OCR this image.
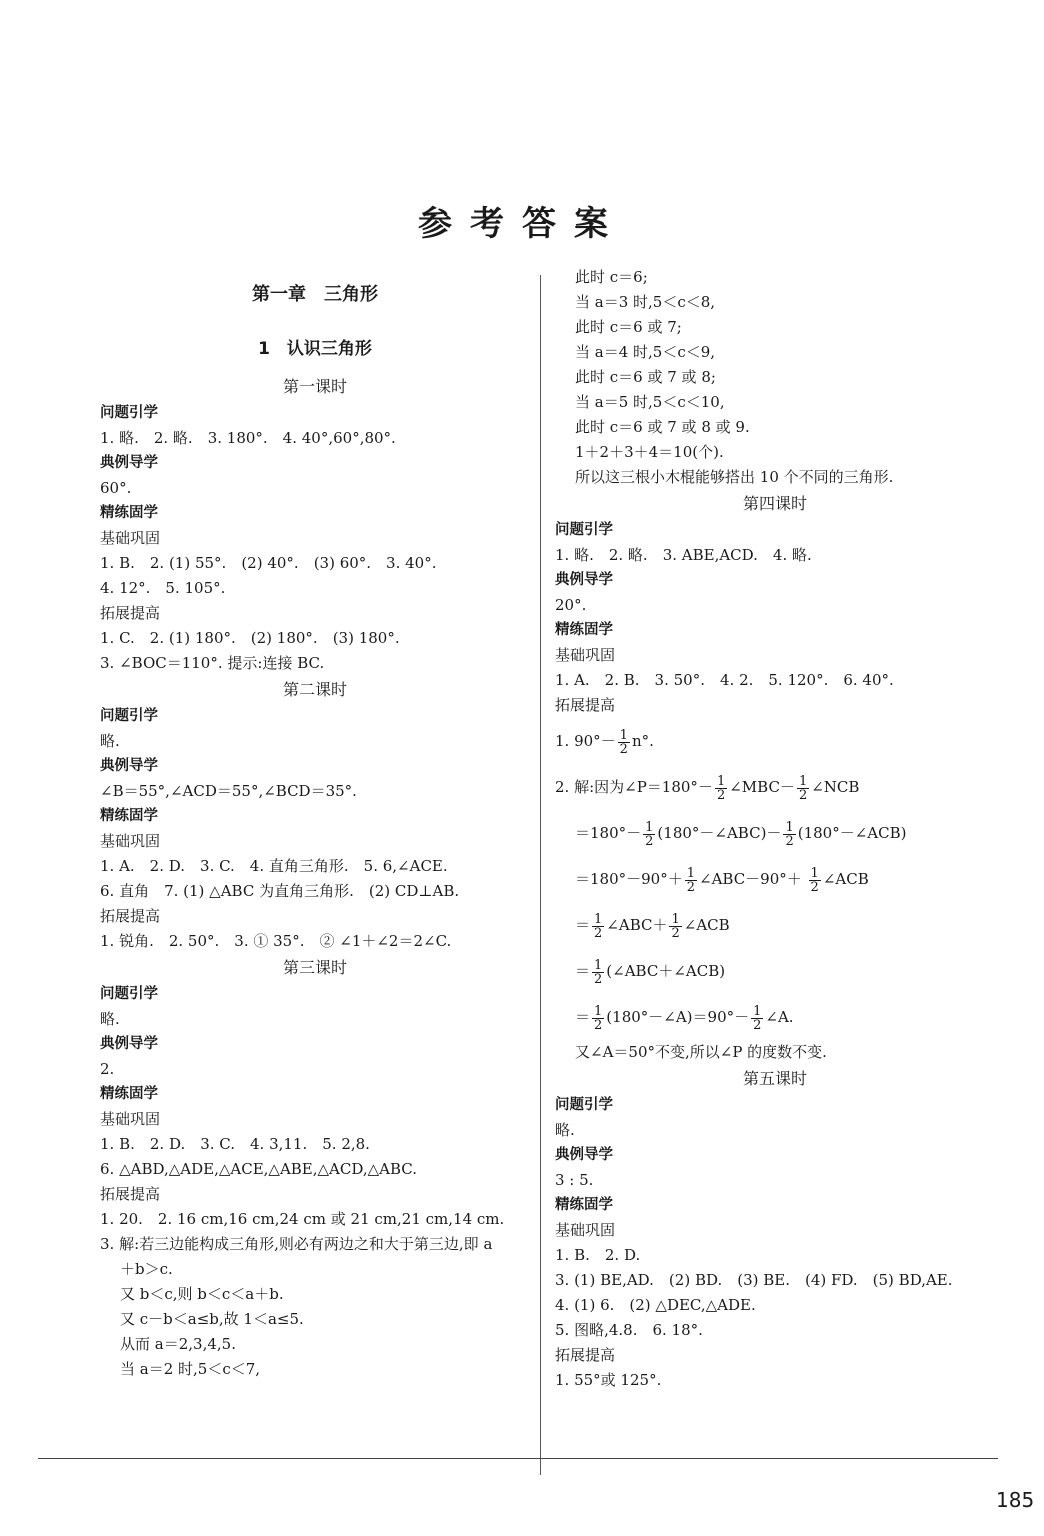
参考答案
第一章　三角形
1　认识三角形
第一课时
问题引学
1. 略.　2. 略.　3. 180°.　4. 40°,60°,80°.
典例导学
60°.
精练固学
基础巩固
1. B.　2. (1) 55°.　(2) 40°.　(3) 60°.　3. 40°.
4. 12°.　5. 105°.
拓展提高
1. C.　2. (1) 180°.　(2) 180°.　(3) 180°.
3. ∠BOC＝110°. 提示:连接 BC.
第二课时
问题引学
略.
典例导学
∠B＝55°,∠ACD＝55°,∠BCD＝35°.
精练固学
基础巩固
1. A.　2. D.　3. C.　4. 直角三角形.　5. 6,∠ACE.
6. 直角　7. (1) △ABC 为直角三角形.　(2) CD⊥AB.
拓展提高
1. 锐角.　2. 50°.　3. ① 35°.　② ∠1＋∠2＝2∠C.
第三课时
问题引学
略.
典例导学
2.
精练固学
基础巩固
1. B.　2. D.　3. C.　4. 3,11.　5. 2,8.
6. △ABD,△ADE,△ACE,△ABE,△ACD,△ABC.
拓展提高
1. 20.　2. 16 cm,16 cm,24 cm 或 21 cm,21 cm,14 cm.
3. 解:若三边能构成三角形,则必有两边之和大于第三边,即 a
＋b＞c.
又 b＜c,则 b＜c＜a＋b.
又 c－b＜a≤b,故 1＜a≤5.
从而 a＝2,3,4,5.
当 a＝2 时,5＜c＜7,
此时 c＝6;
当 a＝3 时,5＜c＜8,
此时 c＝6 或 7;
当 a＝4 时,5＜c＜9,
此时 c＝6 或 7 或 8;
当 a＝5 时,5＜c＜10,
此时 c＝6 或 7 或 8 或 9.
1＋2＋3＋4＝10(个).
所以这三根小木棍能够搭出 10 个不同的三角形.
第四课时
问题引学
1. 略.　2. 略.　3. ABE,ACD.　4. 略.
典例导学
20°.
精练固学
基础巩固
1. A.　2. B.　3. 50°.　4. 2.　5. 120°.　6. 40°.
拓展提高
1. $90^\circ- \frac{1}{2} n^\circ$.
2. 解:因为∠P＝180°－ $\frac{1}{2}$ ∠MBC－ $\frac{1}{2}$ ∠NCB
$=180^\circ- \frac{1}{2}$ (180°－∠ABC)－ $\frac{1}{2}$ (180°－∠ACB)
$=180^\circ-90^\circ+ \frac{1}{2}$ ∠ABC－90°＋ $\frac{1}{2}$ ∠ACB
＝ $\frac{1}{2}$ ∠ABC＋ $\frac{1}{2}$ ∠ACB
＝ $\frac{1}{2}$ (∠ABC＋∠ACB)
＝ $\frac{1}{2}$ (180°－∠A)＝90°－ $\frac{1}{2}$ ∠A.
又∠A＝50°不变,所以∠P 的度数不变.
第五课时
问题引学
略.
典例导学
3 : 5.
精练固学
基础巩固
1. B.　2. D.
3. (1) BE,AD.　(2) BD.　(3) BE.　(4) FD.　(5) BD,AE.
4. (1) 6.　(2) △DEC,△ADE.
5. 图略,4.8.　6. 18°.
拓展提高
1. 55°或 125°.
185
